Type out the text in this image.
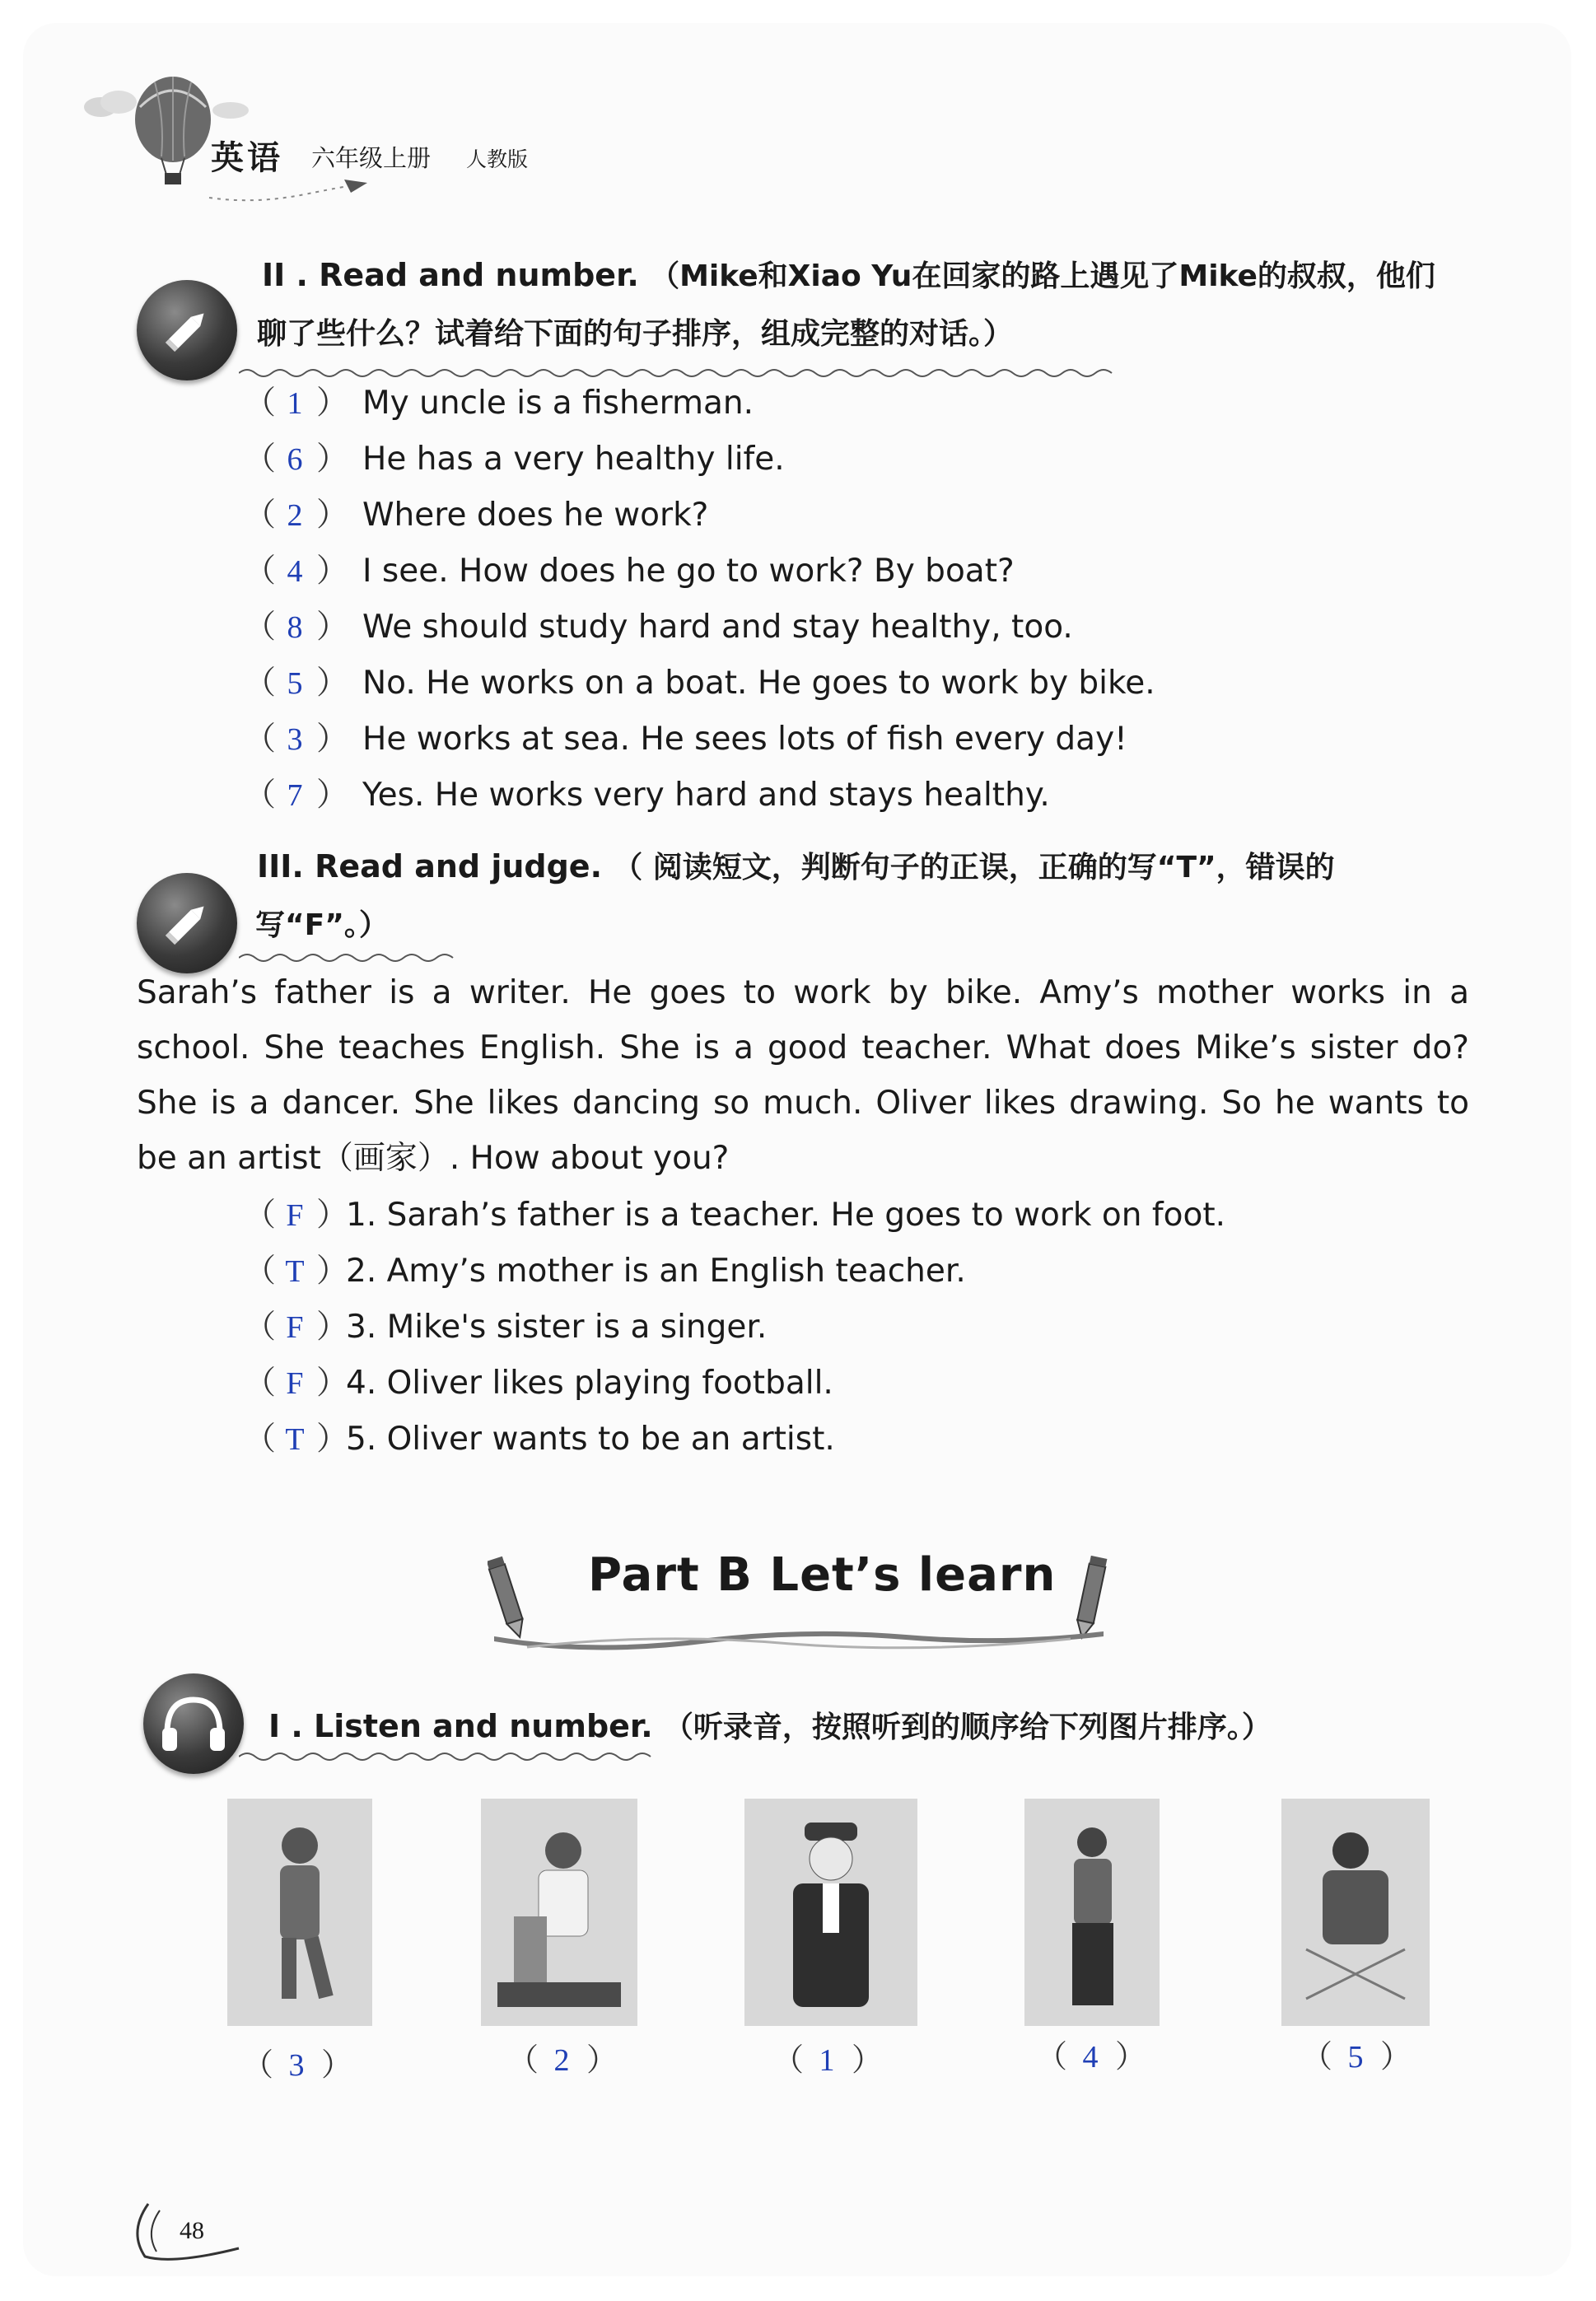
英语 六年级上册 人教版
II . Read and number. （Mike和Xiao Yu在回家的路上遇见了Mike的叔叔，他们
聊了些什么？试着给下面的句子排序，组成完整的对话。）
（ 1 ） My uncle is a fisherman.
（ 6 ） He has a very healthy life.
（ 2 ） Where does he work?
（ 4 ） I see. How does he go to work? By boat?
（ 8 ） We should study hard and stay healthy, too.
（ 5 ） No. He works on a boat. He goes to work by bike.
（ 3 ） He works at sea. He sees lots of fish every day!
（ 7 ） Yes. He works very hard and stays healthy.
III. Read and judge. （ 阅读短文，判断句子的正误，正确的写“T”，错误的
写“F”。）
Sarah’s father is a writer. He goes to work by bike. Amy’s mother works in a school. She teaches English. She is a good teacher. What does Mike’s sister do? She is a dancer. She likes dancing so much. Oliver likes drawing. So he wants to be an artist（画家）. How about you?
（ F ）1. Sarah’s father is a teacher. He goes to work on foot.
（ T ）2. Amy’s mother is an English teacher.
（ F ）3. Mike's sister is a singer.
（ F ）4. Oliver likes playing football.
（ T ）5. Oliver wants to be an artist.
Part B Let’s learn
I . Listen and number. （听录音，按照听到的顺序给下列图片排序。）
（ 3 ）	（ 2 ）	（ 1 ）	（ 4 ）	（ 5 ）
48
